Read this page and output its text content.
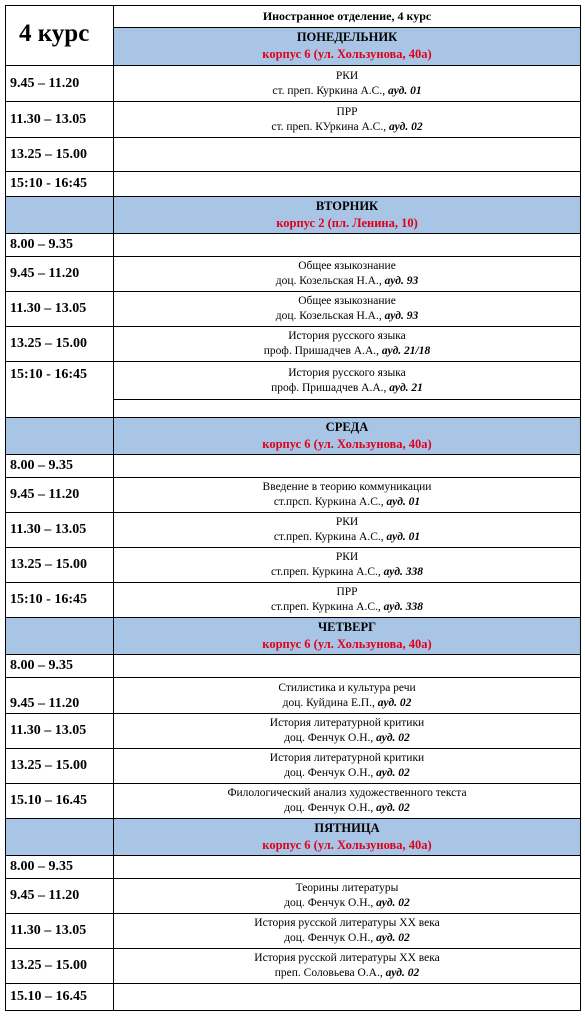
4 курс	Иностранное отделение, 4 курс

	ПОНЕДЕЛЬНИК
корпус 6 (ул. Хользунова, 40а)

9.45 – 11.20	РКИ
ст. преп. Куркина А.С., ауд. 01

11.30 – 13.05	ПРР
ст. преп. КУркина А.С., ауд. 02

13.25 – 15.00	
15:10 - 16:45	

	ВТОРНИК
корпус 2 (пл. Ленина, 10)

8.00 – 9.35	
9.45 – 11.20	Общее языкознание
доц. Козельская Н.А., ауд. 93

11.30 – 13.05	Общее языкознание
доц. Козельская Н.А., ауд. 93

13.25 – 15.00	История русского языка
проф. Пришадчев А.А., ауд. 21/18

15:10 - 16:45	История русского языка
проф. Пришадчев А.А., ауд. 21

	СРЕДА
корпус 6 (ул. Хользунова, 40а)

8.00 – 9.35	
9.45 – 11.20	Введение в теорию коммуникации
ст.прсп. Куркина А.С., ауд. 01

11.30 – 13.05	РКИ
ст.преп. Куркина А.С., ауд. 01

13.25 – 15.00	РКИ
ст.преп. Куркина А.С., ауд. 338

15:10 - 16:45	ПРР
ст.преп. Куркина А.С., ауд. 338

	ЧЕТВЕРГ
корпус 6 (ул. Хользунова, 40а)

8.00 – 9.35	
9.45 – 11.20	Стилистика и культура речи
доц. Куйдина Е.П., ауд. 02

11.30 – 13.05	История литературной критики
доц. Фенчук О.Н., ауд. 02

13.25 – 15.00	История литературной критики
доц. Фенчук О.Н., ауд. 02

15.10 – 16.45	Филологический анализ художественного текста
доц. Фенчук О.Н., ауд. 02

	ПЯТНИЦА
корпус 6 (ул. Хользунова, 40а)

8.00 – 9.35	
9.45 – 11.20	Теорины литературы
доц. Фенчук О.Н., ауд. 02

11.30 – 13.05	История русской литературы ХХ века
доц. Фенчук О.Н., ауд. 02

13.25 – 15.00	История русской литературы ХХ века
преп. Соловьева О.А., ауд. 02

15.10 – 16.45	
